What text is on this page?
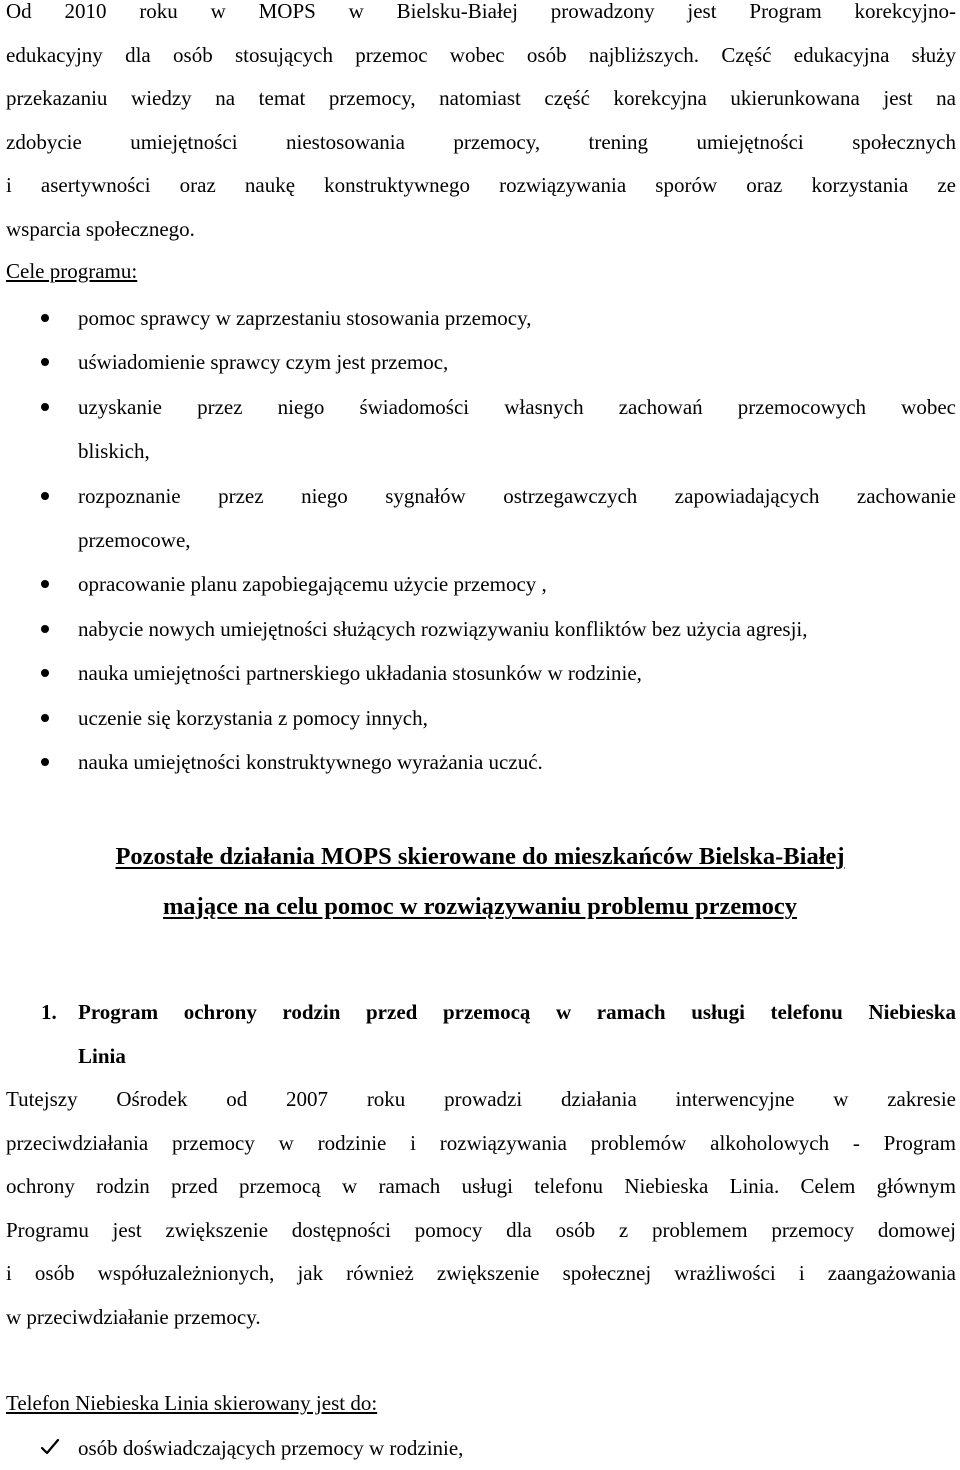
Od 2010 roku w MOPS w Bielsku-Białej prowadzony jest Program korekcyjno-
edukacyjny dla osób stosujących przemoc wobec osób najbliższych. Część edukacyjna służy
przekazaniu wiedzy na temat przemocy, natomiast część korekcyjna ukierunkowana jest na
zdobycie umiejętności niestosowania przemocy, trening umiejętności społecznych
i asertywności oraz naukę konstruktywnego rozwiązywania sporów oraz korzystania ze
wsparcia społecznego.
Cele programu:
pomoc sprawcy w zaprzestaniu stosowania przemocy,
uświadomienie sprawcy czym jest przemoc,
uzyskanie przez niego świadomości własnych zachowań przemocowych wobec
bliskich,
rozpoznanie przez niego sygnałów ostrzegawczych zapowiadających zachowanie
przemocowe,
opracowanie planu zapobiegającemu użycie przemocy ,
nabycie nowych umiejętności służących rozwiązywaniu konfliktów bez użycia agresji,
nauka umiejętności partnerskiego układania stosunków w rodzinie,
uczenie się korzystania z pomocy innych,
nauka umiejętności konstruktywnego wyrażania uczuć.
Pozostałe działania MOPS skierowane do mieszkańców Bielska-Białej
mające na celu pomoc w rozwiązywaniu problemu przemocy
1.	Program ochrony rodzin przed przemocą w ramach usługi telefonu Niebieska
Linia
Tutejszy Ośrodek od 2007 roku prowadzi działania interwencyjne w zakresie
przeciwdziałania przemocy w rodzinie i rozwiązywania problemów alkoholowych - Program
ochrony rodzin przed przemocą w ramach usługi telefonu Niebieska Linia. Celem głównym
Programu jest zwiększenie dostępności pomocy dla osób z problemem przemocy domowej
i osób współuzależnionych, jak również zwiększenie społecznej wrażliwości i zaangażowania
w przeciwdziałanie przemocy.
Telefon Niebieska Linia skierowany jest do:
osób doświadczających przemocy w rodzinie,
